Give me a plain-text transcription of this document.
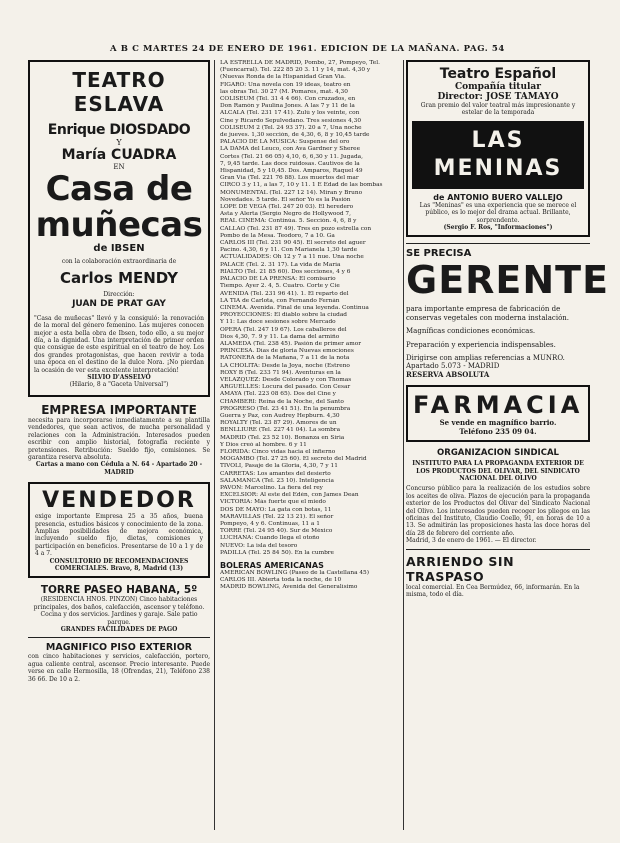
A B C MARTES 24 DE ENERO DE 1961. EDICION DE LA MAÑANA. PAG. 54
TEATRO ESLAVA
Enrique DIOSDADO
Y
María CUADRA
EN
Casa de
muñecas
de IBSEN
con la colaboración extraordinaria de
Carlos MENDY
Dirección:
JUAN DE PRAT GAY
"Casa de muñecas" llevó y la consiguió: la renovación de la moral del género femenino. Las mujeres conocen mejor a esta bella obra de Ibsen, todo ello, a su mejor día, a la dignidad. Una interpretación de primer orden que consigue de este espiritual en el teatro de hoy. Los dos grandes protagonistas, que hacen revivir a toda una época en el destino de la dulce Nora. ¡No pierdan la ocasión de ver esta excelente interpretación!
SILVIO D'ASSELVO
(Hilario, 8 a "Gaceta Universal")
EMPRESA IMPORTANTE
necesita para incorporarse inmediatamente a su plantilla vendedores, que sean activos, de mucha personalidad y relaciones con la Administración. Interesados pueden escribir con amplio historial, fotografía reciente y pretensiones. Retribución: Sueldo fijo, comisiones. Se garantiza reserva absoluta.
Cartas a mano con Cédula a N. 64 - Apartado 20 - MADRID
VENDEDOR
exige importante Empresa 25 a 35 años, buena presencia, estudios básicos y conocimiento de la zona. Amplias posibilidades de mejora económica, incluyendo sueldo fijo, dietas, comisiones y participación en beneficios. Presentarse de 10 a 1 y de 4 a 7.
CONSULTORIO DE RECOMENDACIONES COMERCIALES. Bravo, 8, Madrid (13)
TORRE PASEO HABANA, 5º
(RESIDENCIA HNOS. PINZON) Cinco habitaciones principales, dos baños, calefacción, ascensor y teléfono. Cocina y dos servicios. Jardines y garaje. Sale patio parque.
GRANDES FACILIDADES DE PAGO
MAGNIFICO PISO EXTERIOR
con cinco habitaciones y servicios, calefacción, portero, agua caliente central, ascensor. Precio interesante. Puede verse en calle Hermosilla, 18 (Ofrendas, 21), Teléfono 238 36 66. De 10 a 2.
LA ESTRELLA DE MADRID, Pombo, 27, Pompeyo, Tel.
(Fuencarral). Tel. 222 85 20 3. 11 y 14, mat. 4,30 y
(Nuevas Ronda de la Hispanidad Gran Via.
FIGARO: Una novela con 19 ideas, teatro en
las obras Tel. 30 27 (M. Pomares, mat. 4,30
COLISEUM (Tel. 31 4 4 66). Con cruzados, en
Don Ramón y Paulina Jones. A las 7 y 11 de la
ALCALA (Tel. 231 17 41). Zulú y los veinte, con
Cine y Ricardo Sepulvedano. Tres sesiones 4,30
COLISEUM 2 (Tel. 24 93 37). 20 a 7, Una noche
de jueves. 1,30 sección, de 4,30, 6, 8 y 10,45 tarde
PALACIO DE LA MUSICA: Suspense del oro
LA DAMA del Leuco, con Ava Gardner y Sheree
Cortes (Tel. 21 66 05) 4,10, 6, 6,30 y 11. Jugada,
7, 9,45 tarde. Las doce ruidosas. Cautivos de la
Hispanidad, 5 y 10,45. Dos. Amparos, Raquel 49
Gran Vía (Tel. 221 76 88). Los muertos del mar
CIRCO 3 y 11, a las 7, 10 y 11. 1 E Edad de las bombas
MONUMENTAL (Tel. 227 12 14). Miran y Bruno
Novedades. 5 tarde. El señor Yo es la Pasión
LOPE DE VEGA (Tel. 247 20 03). El heredero
Asta y Alerta (Sergio Negro de Hollywood 7,
REAL CINEMA: Continúa. 5. Sección. 4, 6, 8 y
CALLAO (Tel. 231 87 49). Tres en pozo estrella con
Pombo de la Mesa. Teodoro, 7 a 10. Ga
CARLOS III (Tel. 231 90 45). El secreto del aguer
Pacino. 4,30, 6 y 11. Con Marianela 1,30 tarde
ACTUALIDADES: Oh 12 y 7 a 11 nue. Una noche
PALACE (Tel. 2. 31 17). La vida de María
RIALTO (Tel. 21 85 60). Dos secciones, 4 y 6
PALACIO DE LA PRENSA: El comisario
Tiempo. Ayer 2. 4, 5. Cuatro. Corte y Cie
AVENIDA (Tel. 231 96 41). 1. El reparto del
LA TIA de Carlota, con Fernando Fernán
CINEMA. Avenida. Final de una leyenda. Continua
PROYECCIONES: El diablo sobre la ciudad
Y 11: Las doce sesiones sobre Mercado
OPERA (Tel. 247 19 67). Los caballeros del
Dios 4,30, 7. 9 y 11. La dama del armiño
ALAMEDA (Tel. 238 45). Pasión de primer amor
PRINCESA. Días de gloria Nuevas emociones
RATONERA de la Mañana, 7 a 11 de la nota
LA CHOLITA: Desde la Joya, noche (Estreno
ROXY B (Tel. 233 71 94). Aventuras en la
VELAZQUEZ: Desde Colorado y con Thomas
ARGUELLES: Locura del pasado. Con Cesar
AMAYA (Tel. 223 08 65). Dos del Cine y
CHAMBERI: Reina de la Noche, del Santo
PROGRESO (Tel. 23 41 51). En la penumbra
Guerra y Paz, con Audrey Hepburn. 4,30
ROYALTY (Tel. 23 87 29). Amores de un
BENLLIURE (Tel. 227 41 04). La sombra
MADRID (Tel. 23 52 10). Bonanza en Siria
Y Dios creó al hombre. 6 y 11
FLORIDA: Cinco vidas hacia el infierno
MOGAMBO (Tel. 27 25 60). El secreto del Madrid
TIVOLI, Pasaje de la Gloria, 4,30, 7 y 11
CARRETAS: Los amantes del desierto
SALAMANCA (Tel. 23 10). Inteligencia
PAVON: Marcelino. La fiera del rey
EXCELSIOR: Al este del Edén, con James Dean
VICTORIA: Más fuerte que el miedo
DOS DE MAYO: La gata con botas, 11
MARAVILLAS (Tel. 22 13 21). El señor
Pompeyo, 4 y 6. Continuas, 11 a 1
TORRE (Tel. 24 95 40). Sur de México
LUCHANA: Cuando llega el otoño
NUEVO: La isla del tesoro
PADILLA (Tel. 25 84 50). En la cumbre
BOLERAS AMERICANAS
AMERICAN BOWLING (Paseo de la Castellana 45)
CARLOS III. Abierta toda la noche, de 10
MADRID BOWLING, Avenida del Generalísimo
Teatro Español
Compañía titular
Director: JOSE TAMAYO
Gran premio del valor teatral más impresionante y estelar de la temporada
LAS MENINAS
de ANTONIO BUERO VALLEJO
Las "Meninas" es una experiencia que se merece el público, es lo mejor del drama actual. Brillante, sorprendente.
(Sergio F. Ros, "Informaciones")
SE PRECISA
GERENTE
para importante empresa de fabricación de conservas vegetales con moderna instalación.
Magníficas condiciones económicas.
Preparación y experiencia indispensables.
Dirigirse con amplias referencias a MUNRO.
Apartado 5.073 - MADRID
RESERVA ABSOLUTA
FARMACIA
Se vende en magnífico barrio.
Teléfono 235 09 04.
ORGANIZACION SINDICAL
INSTITUTO PARA LA PROPAGANDA EXTERIOR DE LOS PRODUCTOS DEL OLIVAR, DEL SINDICATO NACIONAL DEL OLIVO
Concurso público para la realización de los estudios sobre los aceites de oliva. Plazos de ejecución para la propaganda exterior de los Productos del Olivar del Sindicato Nacional del Olivo. Los interesados pueden recoger los pliegos en las oficinas del Instituto, Claudio Coello, 91, en horas de 10 a 13. Se admitirán las proposiciones hasta las doce horas del día 28 de febrero del corriente año.
Madrid, 3 de enero de 1961. — El director.
ARRIENDO SIN TRASPASO
local comercial. En Cea Bermúdez, 66, informarán. En la misma, todo el día.
